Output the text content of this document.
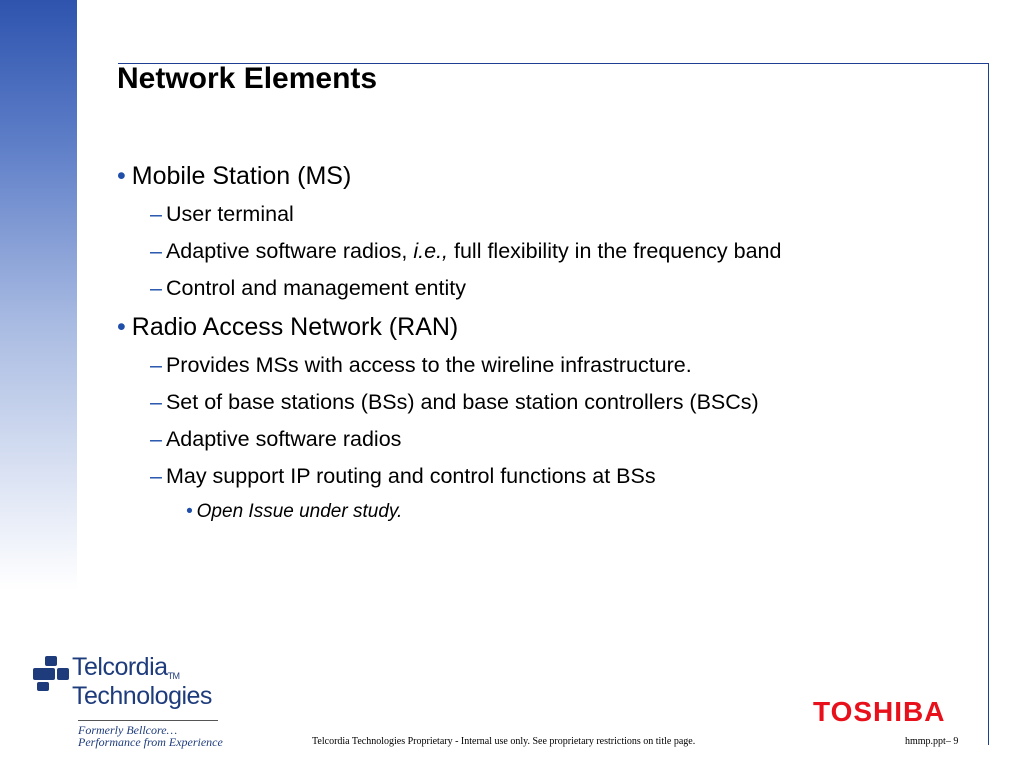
Network Elements
• Mobile Station (MS)
– User terminal
– Adaptive software radios, i.e., full flexibility in the frequency band
– Control and management entity
• Radio Access Network (RAN)
– Provides MSs with access to the wireline infrastructure.
– Set of base stations (BSs) and base station controllers (BSCs)
– Adaptive software radios
– May support IP routing and control functions at BSs
• Open Issue under study.
Telcordia™
Technologies
Formerly Bellcore…
Performance from Experience
TOSHIBA
Telcordia Technologies Proprietary - Internal use only. See proprietary restrictions on title page.	hmmp.ppt– 9
